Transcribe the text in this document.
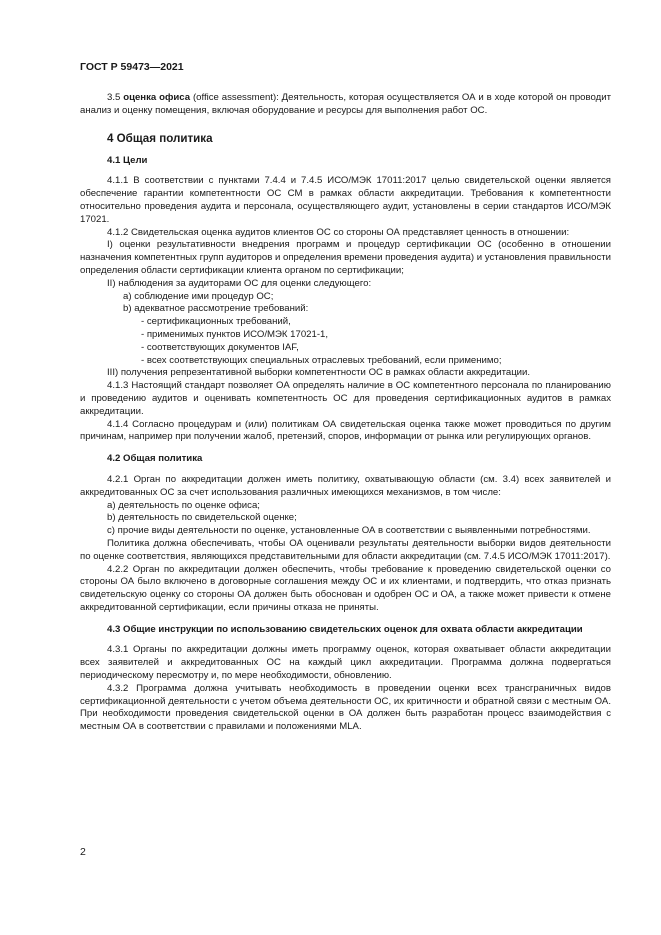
ГОСТ Р 59473—2021

3.5 оценка офиса (office assessment): Деятельность, которая осуществляется ОА и в ходе которой он проводит анализ и оценку помещения, включая оборудование и ресурсы для выполнения работ ОС.

4 Общая политика
4.1 Цели

4.1.1 В соответствии с пунктами 7.4.4 и 7.4.5 ИСО/МЭК 17011:2017 целью свидетельской оценки является обеспечение гарантии компетентности ОС СМ в рамках области аккредитации. Требования к компетентности относительно проведения аудита и персонала, осуществляющего аудит, установлены в серии стандартов ИСО/МЭК 17021.

4.1.2 Свидетельская оценка аудитов клиентов ОС со стороны ОА представляет ценность в отношении:

I) оценки результативности внедрения программ и процедур сертификации ОС (особенно в отношении назначения компетентных групп аудиторов и определения времени проведения аудита) и установления правильности определения области сертификации клиента органом по сертификации;

II) наблюдения за аудиторами ОС для оценки следующего:

a) соблюдение ими процедур ОС;

b) адекватное рассмотрение требований:

- сертификационных требований,

- применимых пунктов ИСО/МЭК 17021-1,

- соответствующих документов IAF,

- всех соответствующих специальных отраслевых требований, если применимо;

III) получения репрезентативной выборки компетентности ОС в рамках области аккредитации.

4.1.3 Настоящий стандарт позволяет ОА определять наличие в ОС компетентного персонала по планированию и проведению аудитов и оценивать компетентность ОС для проведения сертификационных аудитов в рамках аккредитации.

4.1.4 Согласно процедурам и (или) политикам ОА свидетельская оценка также может проводиться по другим причинам, например при получении жалоб, претензий, споров, информации от рынка или регулирующих органов.

4.2 Общая политика

4.2.1 Орган по аккредитации должен иметь политику, охватывающую области (см. 3.4) всех заявителей и аккредитованных ОС за счет использования различных имеющихся механизмов, в том числе:

a) деятельность по оценке офиса;

b) деятельность по свидетельской оценке;

c) прочие виды деятельности по оценке, установленные ОА в соответствии с выявленными потребностями.

Политика должна обеспечивать, чтобы ОА оценивали результаты деятельности выборки видов деятельности по оценке соответствия, являющихся представительными для области аккредитации (см. 7.4.5 ИСО/МЭК 17011:2017).

4.2.2 Орган по аккредитации должен обеспечить, чтобы требование к проведению свидетельской оценки со стороны ОА было включено в договорные соглашения между ОС и их клиентами, и подтвердить, что отказ признать свидетельскую оценку со стороны ОА должен быть обоснован и одобрен ОС и ОА, а также может привести к отмене аккредитованной сертификации, если причины отказа не приняты.

4.3 Общие инструкции по использованию свидетельских оценок для охвата области аккредитации

4.3.1 Органы по аккредитации должны иметь программу оценок, которая охватывает области аккредитации всех заявителей и аккредитованных ОС на каждый цикл аккредитации. Программа должна подвергаться периодическому пересмотру и, по мере необходимости, обновлению.

4.3.2 Программа должна учитывать необходимость в проведении оценки всех трансграничных видов сертификационной деятельности с учетом объема деятельности ОС, их критичности и обратной связи с местным ОА. При необходимости проведения свидетельской оценки в ОА должен быть разработан процесс взаимодействия с местным ОА в соответствии с правилами и положениями MLA.

2
